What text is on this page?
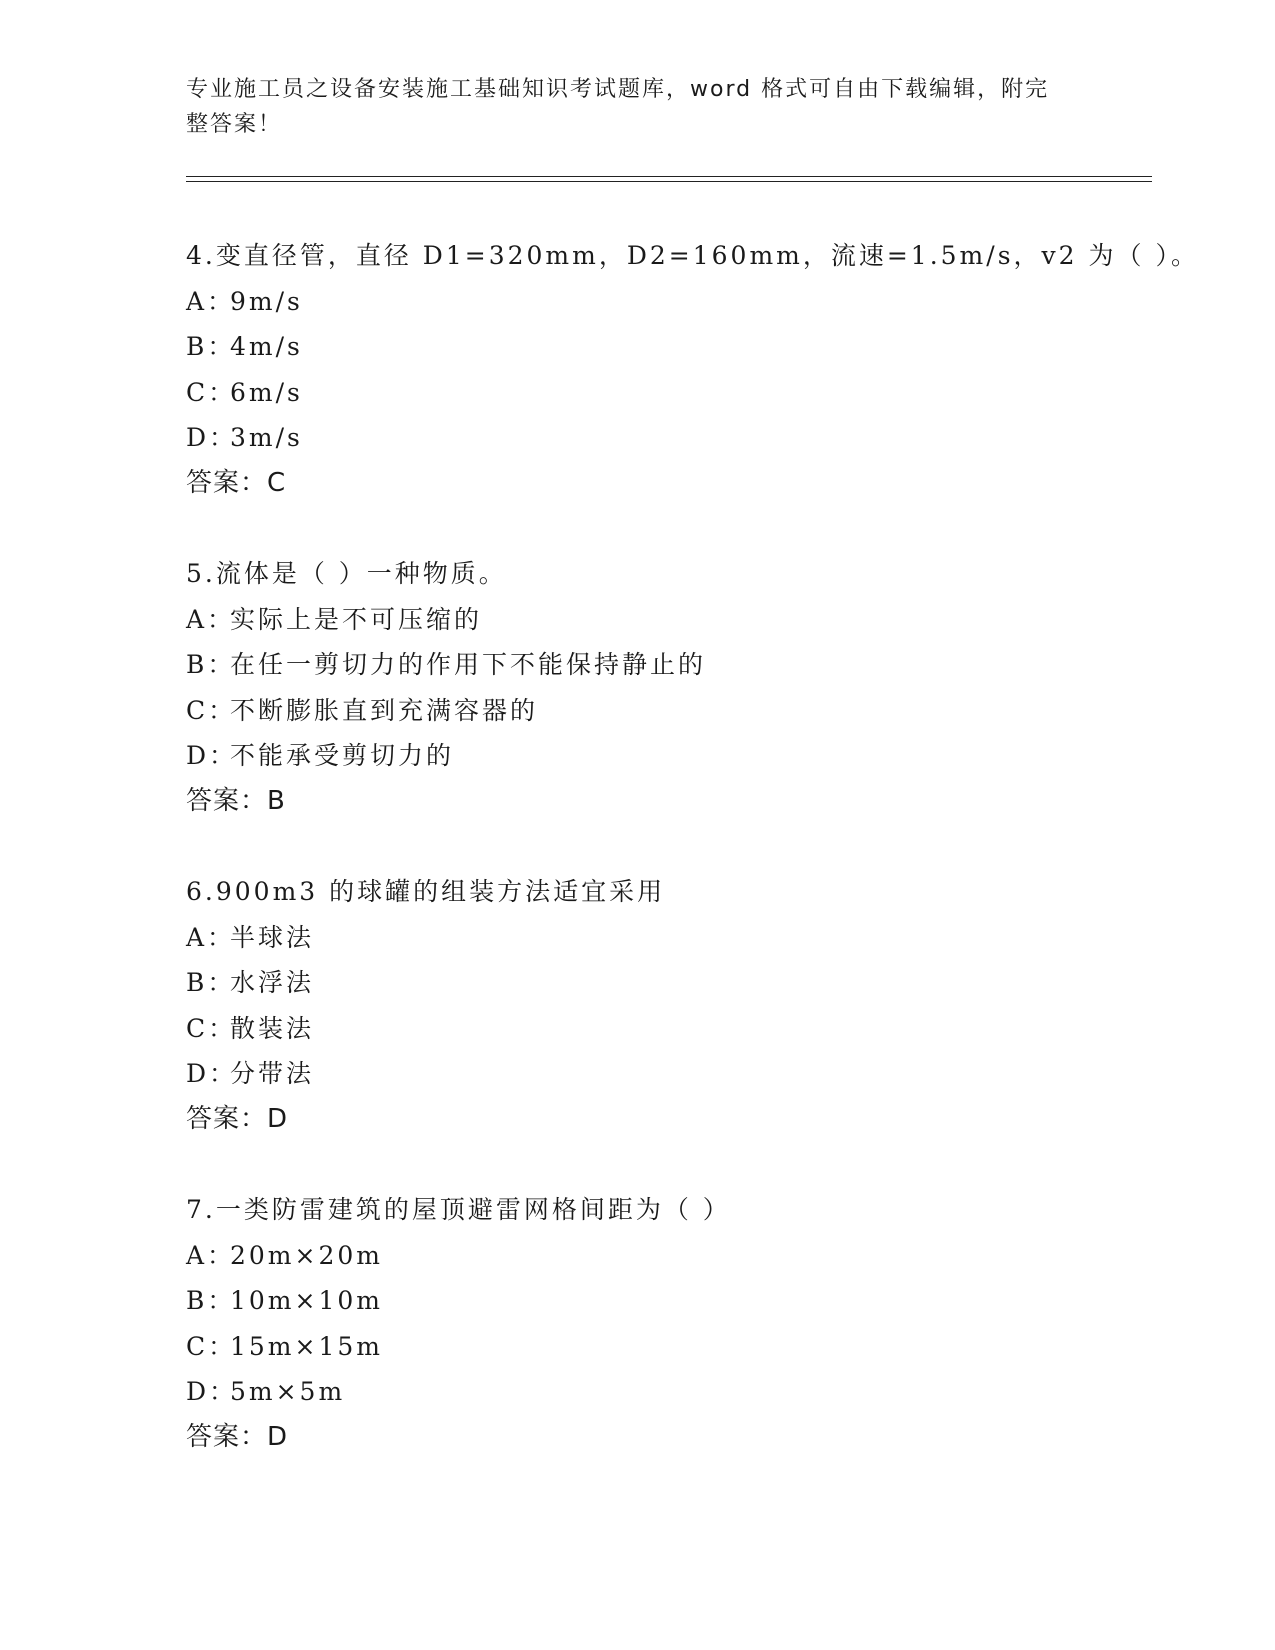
专业施工员之设备安装施工基础知识考试题库，word 格式可自由下载编辑，附完
整答案！
4.变直径管，直径 D1=320mm，D2=160mm，流速=1.5m/s，v2 为（ ）。
A：
9m/s
B：
4m/s
C：
6m/s
D：
3m/s
答案：C
5.流体是（ ）一种物质。
A：
实际上是不可压缩的
B：
在任一剪切力的作用下不能保持静止的
C：
不断膨胀直到充满容器的
D：
不能承受剪切力的
答案：B
6.900m3 的球罐的组装方法适宜采用
A：
半球法
B：
水浮法
C：
散装法
D：
分带法
答案：D
7.一类防雷建筑的屋顶避雷网格间距为（ ）
A：
20m×20m
B：
10m×10m
C：
15m×15m
D：
5m×5m
答案：D
